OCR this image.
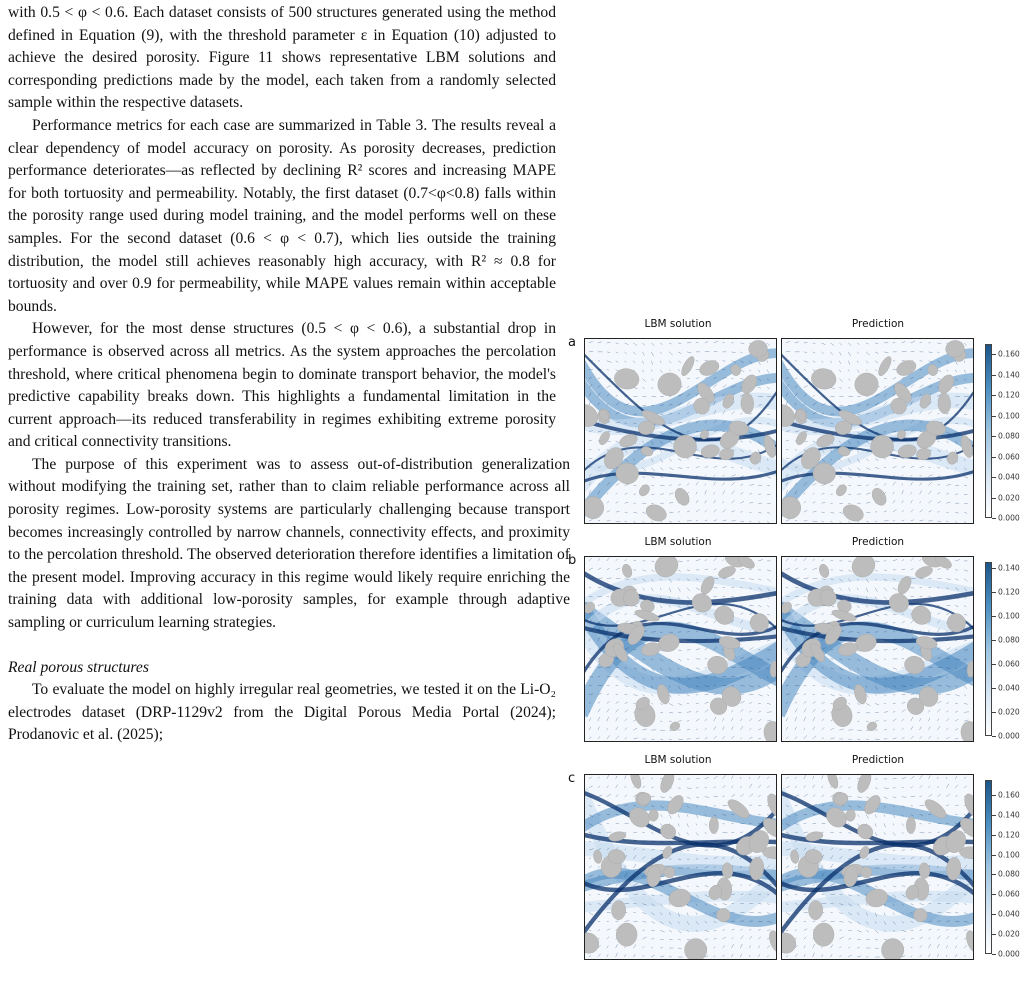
with 0.5 < φ < 0.6. Each dataset consists of 500 structures generated using the method defined in Equation (9), with the threshold parameter ε in Equation (10) adjusted to achieve the desired porosity. Figure 11 shows representative LBM solutions and corresponding predictions made by the model, each taken from a randomly selected sample within the respective datasets.

Performance metrics for each case are summarized in Table 3. The results reveal a clear dependency of model accuracy on porosity. As porosity decreases, prediction performance deteriorates—as reflected by declining R² scores and increasing MAPE for both tortuosity and permeability. Notably, the first dataset (0.7<φ<0.8) falls within the porosity range used during model training, and the model performs well on these samples. For the second dataset (0.6 < φ < 0.7), which lies outside the training distribution, the model still achieves reasonably high accuracy, with R² ≈ 0.8 for tortuosity and over 0.9 for permeability, while MAPE values remain within acceptable bounds.

However, for the most dense structures (0.5 < φ < 0.6), a substantial drop in performance is observed across all metrics. As the system approaches the percolation threshold, where critical phenomena begin to dominate transport behavior, the model's predictive capability breaks down. This highlights a fundamental limitation in the current approach—its reduced transferability in regimes exhibiting extreme porosity and critical connectivity transitions.

The purpose of this experiment was to assess out-of-distribution generalization without modifying the training set, rather than to claim reliable performance across all porosity regimes. Low-porosity systems are particularly challenging because transport becomes increasingly controlled by narrow channels, connectivity effects, and proximity to the percolation threshold. The observed deterioration therefore identifies a limitation of the present model. Improving accuracy in this regime would likely require enriching the training data with additional low-porosity samples, for example through adaptive sampling or curriculum learning strategies.

Real porous structures

To evaluate the model on highly irregular real geometries, we tested it on the Li-O₂ electrodes dataset (DRP-1129v2 from the Digital Porous Media Portal (2024); Prodanovic et al. (2025);

a
LBM solution	Prediction
0.160
0.140
0.120
0.100
0.080
0.060
0.040
0.020
0.000
b
LBM solution	Prediction
0.140
0.120
0.100
0.080
0.060
0.040
0.020
0.000
c
LBM solution	Prediction
0.160
0.140
0.120
0.100
0.080
0.060
0.040
0.020
0.000
